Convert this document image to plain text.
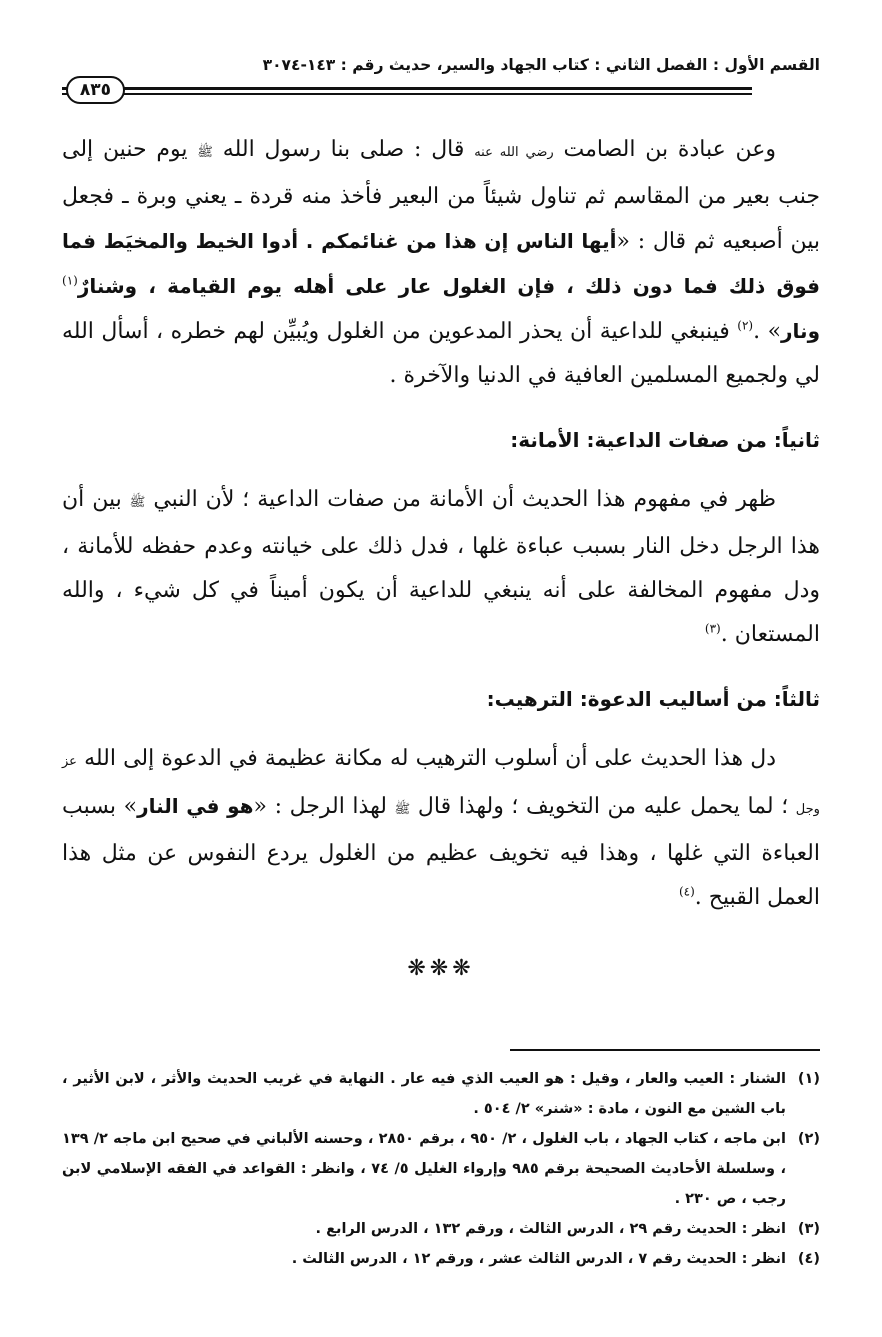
القسم الأول : الفصل الثاني : كتاب الجهاد والسير، حديث رقم : ١٤٣-٣٠٧٤
٨٣٥

وعن عبادة بن الصامت رضي الله عنه قال : صلى بنا رسول الله ﷺ يوم حنين إلى جنب بعير من المقاسم ثم تناول شيئاً من البعير فأخذ منه قردة ـ يعني وبرة ـ فجعل بين أصبعيه ثم قال : «أيها الناس إن هذا من غنائمكم . أدوا الخيط والمخيَط فما فوق ذلك فما دون ذلك ، فإن الغلول عار على أهله يوم القيامة ، وشنارٌ$^{(١)}$ ونار» .$^{(٢)}$ فينبغي للداعية أن يحذر المدعوين من الغلول ويُبيِّن لهم خطره ، أسأل الله لي ولجميع المسلمين العافية في الدنيا والآخرة .

ثانياً: من صفات الداعية: الأمانة:

ظهر في مفهوم هذا الحديث أن الأمانة من صفات الداعية ؛ لأن النبي ﷺ بين أن هذا الرجل دخل النار بسبب عباءة غلها ، فدل ذلك على خيانته وعدم حفظه للأمانة ، ودل مفهوم المخالفة على أنه ينبغي للداعية أن يكون أميناً في كل شيء ، والله المستعان .$^{(٣)}$

ثالثاً: من أساليب الدعوة: الترهيب:

دل هذا الحديث على أن أسلوب الترهيب له مكانة عظيمة في الدعوة إلى الله عز وجل ؛ لما يحمل عليه من التخويف ؛ ولهذا قال ﷺ لهذا الرجل : «هو في النار» بسبب العباءة التي غلها ، وهذا فيه تخويف عظيم من الغلول يردع النفوس عن مثل هذا العمل القبيح .$^{(٤)}$

❋❋❋
(١)
الشنار : العيب والعار ، وقيل : هو العيب الذي فيه عار . النهاية في غريب الحديث والأثر ، لابن الأثير ، باب الشين مع النون ، مادة : «شنر» ٢/ ٥٠٤ .
(٢)
ابن ماجه ، كتاب الجهاد ، باب الغلول ، ٢/ ٩٥٠ ، برقم ٢٨٥٠ ، وحسنه الألباني في صحيح ابن ماجه ٢/ ١٣٩ ، وسلسلة الأحاديث الصحيحة برقم ٩٨٥ وإرواء الغليل ٥/ ٧٤ ، وانظر : القواعد في الفقه الإسلامي لابن رجب ، ص ٢٣٠ .
(٣)
انظر : الحديث رقم ٢٩ ، الدرس الثالث ، ورقم ١٣٢ ، الدرس الرابع .
(٤)
انظر : الحديث رقم ٧ ، الدرس الثالث عشر ، ورقم ١٢ ، الدرس الثالث .
